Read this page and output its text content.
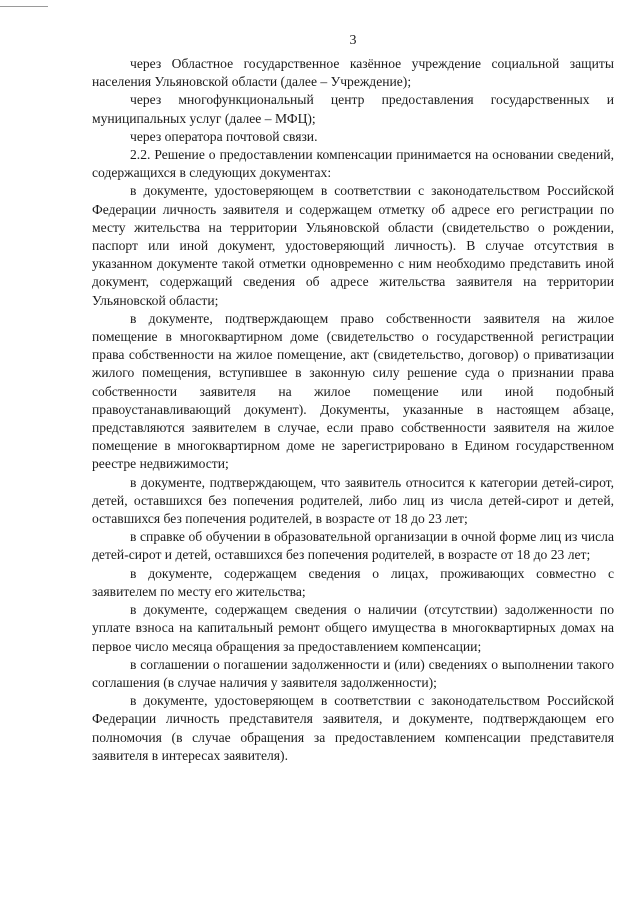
3

через Областное государственное казённое учреждение социальной защиты населения Ульяновской области (далее – Учреждение);

через многофункциональный центр предоставления государственных и муниципальных услуг (далее – МФЦ);

через оператора почтовой связи.

2.2. Решение о предоставлении компенсации принимается на основании сведений, содержащихся в следующих документах:

в документе, удостоверяющем в соответствии с законодательством Российской Федерации личность заявителя и содержащем отметку об адресе его регистрации по месту жительства на территории Ульяновской области (свидетельство о рождении, паспорт или иной документ, удостоверяющий личность). В случае отсутствия в указанном документе такой отметки одновременно с ним необходимо представить иной документ, содержащий сведения об адресе жительства заявителя на территории Ульяновской области;

в документе, подтверждающем право собственности заявителя на жилое помещение в многоквартирном доме (свидетельство о государственной регистрации права собственности на жилое помещение, акт (свидетельство, договор) о приватизации жилого помещения, вступившее в законную силу решение суда о признании права собственности заявителя на жилое помещение или иной подобный правоустанавливающий документ). Документы, указанные в настоящем абзаце, представляются заявителем в случае, если право собственности заявителя на жилое помещение в многоквартирном доме не зарегистрировано в Едином государственном реестре недвижимости;

в документе, подтверждающем, что заявитель относится к категории детей-сирот, детей, оставшихся без попечения родителей, либо лиц из числа детей-сирот и детей, оставшихся без попечения родителей, в возрасте от 18 до 23 лет;

в справке об обучении в образовательной организации в очной форме лиц из числа детей-сирот и детей, оставшихся без попечения родителей, в возрасте от 18 до 23 лет;

в документе, содержащем сведения о лицах, проживающих совместно с заявителем по месту его жительства;

в документе, содержащем сведения о наличии (отсутствии) задолженности по уплате взноса на капитальный ремонт общего имущества в многоквартирных домах на первое число месяца обращения за предоставлением компенсации;

в соглашении о погашении задолженности и (или) сведениях о выполнении такого соглашения (в случае наличия у заявителя задолженности);

в документе, удостоверяющем в соответствии с законодательством Российской Федерации личность представителя заявителя, и документе, подтверждающем его полномочия (в случае обращения за предоставлением компенсации представителя заявителя в интересах заявителя).
